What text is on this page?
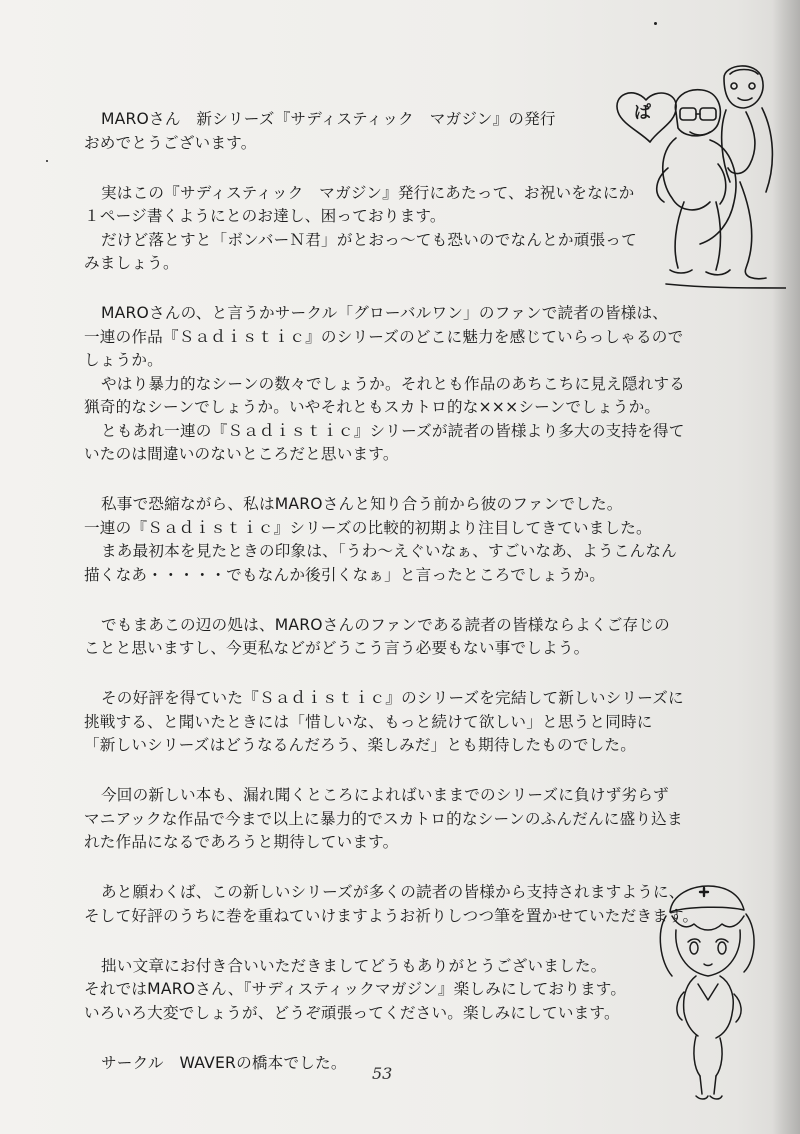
MAROさん　新シリーズ『サディスティック　マガジン』の発行
おめでとうございます。
実はこの『サディスティック　マガジン』発行にあたって、お祝いをなにか
１ページ書くようにとのお達し、困っております。
だけど落とすと「ボンバーＮ君」がとおっ〜ても恐いのでなんとか頑張って
みましょう。
MAROさんの、と言うかサークル「グローバルワン」のファンで読者の皆様は、
一連の作品『Ｓａｄｉｓｔｉｃ』のシリーズのどこに魅力を感じていらっしゃるので
しょうか。
やはり暴力的なシーンの数々でしょうか。それとも作品のあちこちに見え隠れする
猟奇的なシーンでしょうか。いやそれともスカトロ的な×××シーンでしょうか。
ともあれ一連の『Ｓａｄｉｓｔｉｃ』シリーズが読者の皆様より多大の支持を得て
いたのは間違いのないところだと思います。
私事で恐縮ながら、私はMAROさんと知り合う前から彼のファンでした。
一連の『Ｓａｄｉｓｔｉｃ』シリーズの比較的初期より注目してきていました。
まあ最初本を見たときの印象は、「うわ〜えぐいなぁ、すごいなあ、ようこんなん
描くなあ・・・・・でもなんか後引くなぁ」と言ったところでしょうか。
でもまあこの辺の処は、MAROさんのファンである読者の皆様ならよくご存じの
ことと思いますし、今更私などがどうこう言う必要もない事でしよう。
その好評を得ていた『Ｓａｄｉｓｔｉｃ』のシリーズを完結して新しいシリーズに
挑戦する、と聞いたときには「惜しいな、もっと続けて欲しい」と思うと同時に
「新しいシリーズはどうなるんだろう、楽しみだ」とも期待したものでした。
今回の新しい本も、漏れ聞くところによればいままでのシリーズに負けず劣らず
マニアックな作品で今まで以上に暴力的でスカトロ的なシーンのふんだんに盛り込ま
れた作品になるであろうと期待しています。
あと願わくば、この新しいシリーズが多くの読者の皆様から支持されますように、
そして好評のうちに巻を重ねていけますようお祈りしつつ筆を置かせていただきます。
拙い文章にお付き合いいただきましてどうもありがとうございました。
それではMAROさん、『サディスティックマガジン』楽しみにしております。
いろいろ大変でしょうが、どうぞ頑張ってください。楽しみにしています。
サークル　WAVERの橋本でした。
ぱ
53
